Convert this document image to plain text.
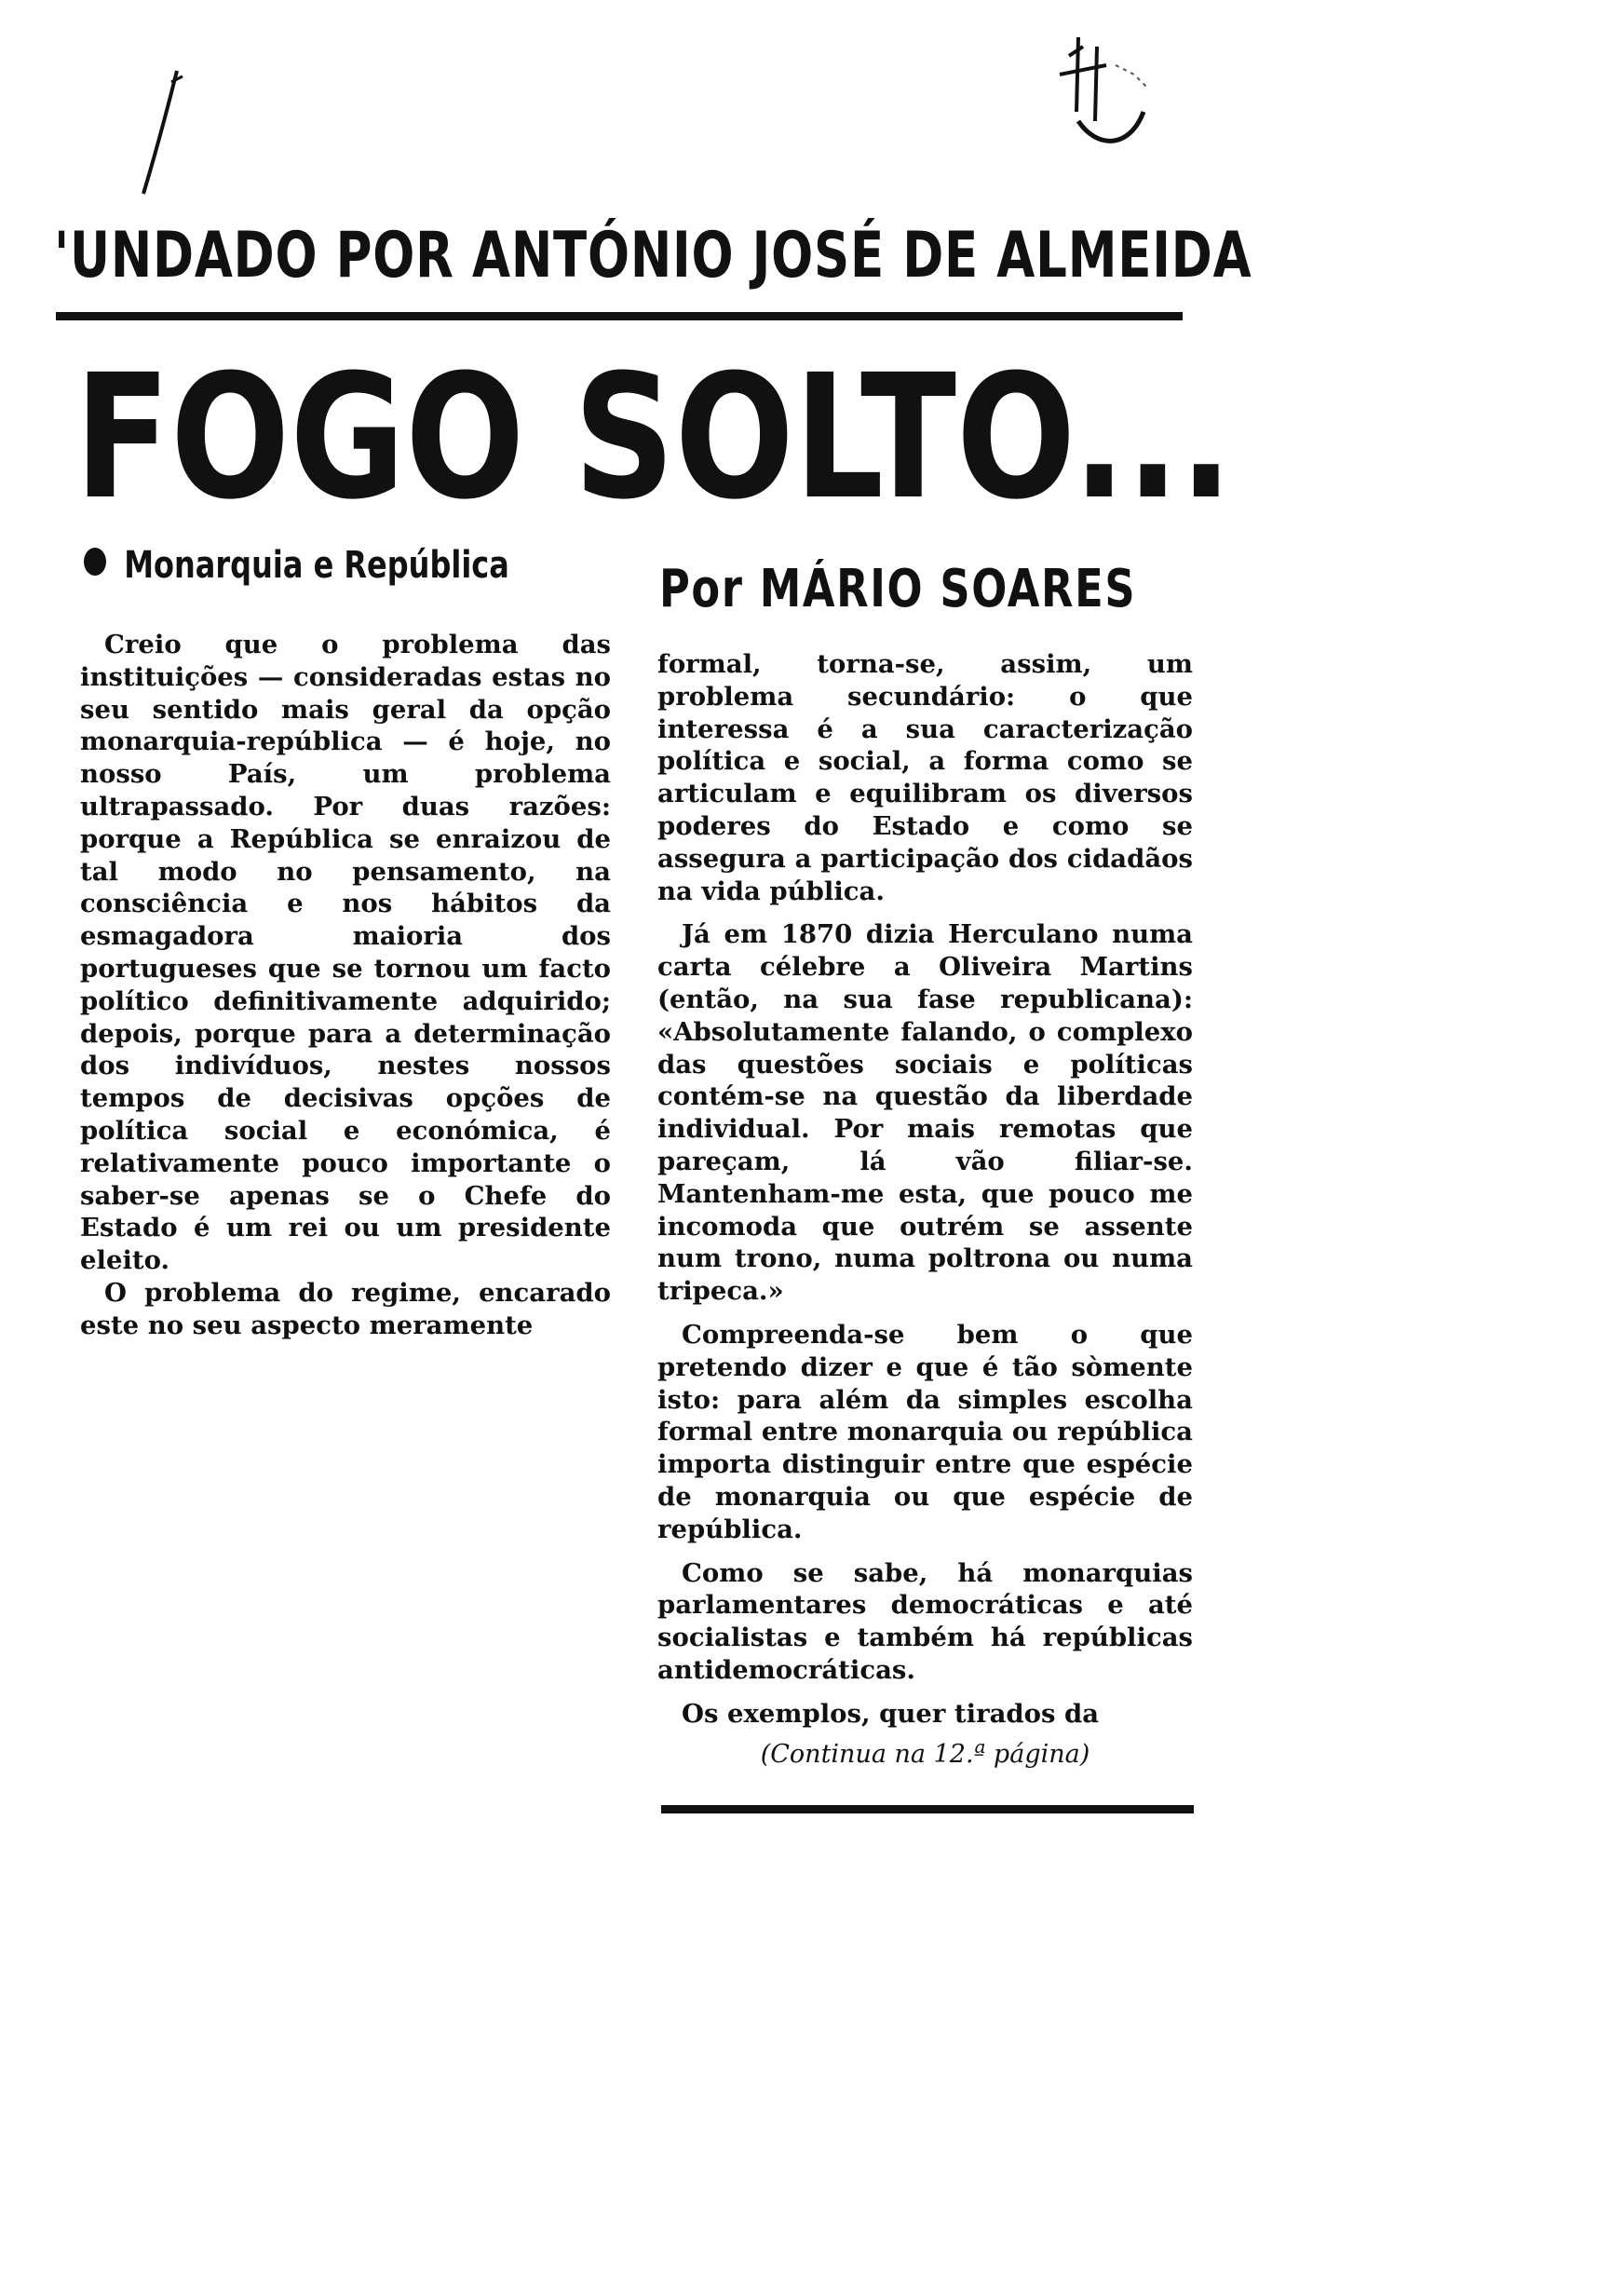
'UNDADO POR ANTÓNIO JOSÉ DE ALMEIDA
FOGO SOLTO...
Monarquia e República	Por MÁRIO SOARES

Creio que o problema das instituições — consideradas estas no seu sentido mais geral da opção monarquia-república — é hoje, no nosso País, um problema ultrapassado. Por duas razões: porque a República se enraizou de tal modo no pensamento, na consciência e nos hábitos da esmagadora maioria dos portugueses que se tornou um facto político definitivamente adquirido; depois, porque para a determinação dos indivíduos, nestes nossos tempos de decisivas opções de política social e económica, é relativamente pouco importante o saber-se apenas se o Chefe do Estado é um rei ou um presidente eleito.

O problema do regime, encarado este no seu aspecto meramente

formal, torna-se, assim, um problema secundário: o que interessa é a sua caracterização política e social, a forma como se articulam e equilibram os diversos poderes do Estado e como se assegura a participação dos cidadãos na vida pública.

Já em 1870 dizia Herculano numa carta célebre a Oliveira Martins (então, na sua fase republicana): «Absolutamente falando, o complexo das questões sociais e políticas contém-se na questão da liberdade individual. Por mais remotas que pareçam, lá vão filiar-se. Mantenham-me esta, que pouco me incomoda que outrém se assente num trono, numa poltrona ou numa tripeca.»

Compreenda-se bem o que pretendo dizer e que é tão sòmente isto: para além da simples escolha formal entre monarquia ou república importa distinguir entre que espécie de monarquia ou que espécie de república.

Como se sabe, há monarquias parlamentares democráticas e até socialistas e também há repúblicas antidemocráticas.

Os exemplos, quer tirados da

(Continua na 12.ª página)
